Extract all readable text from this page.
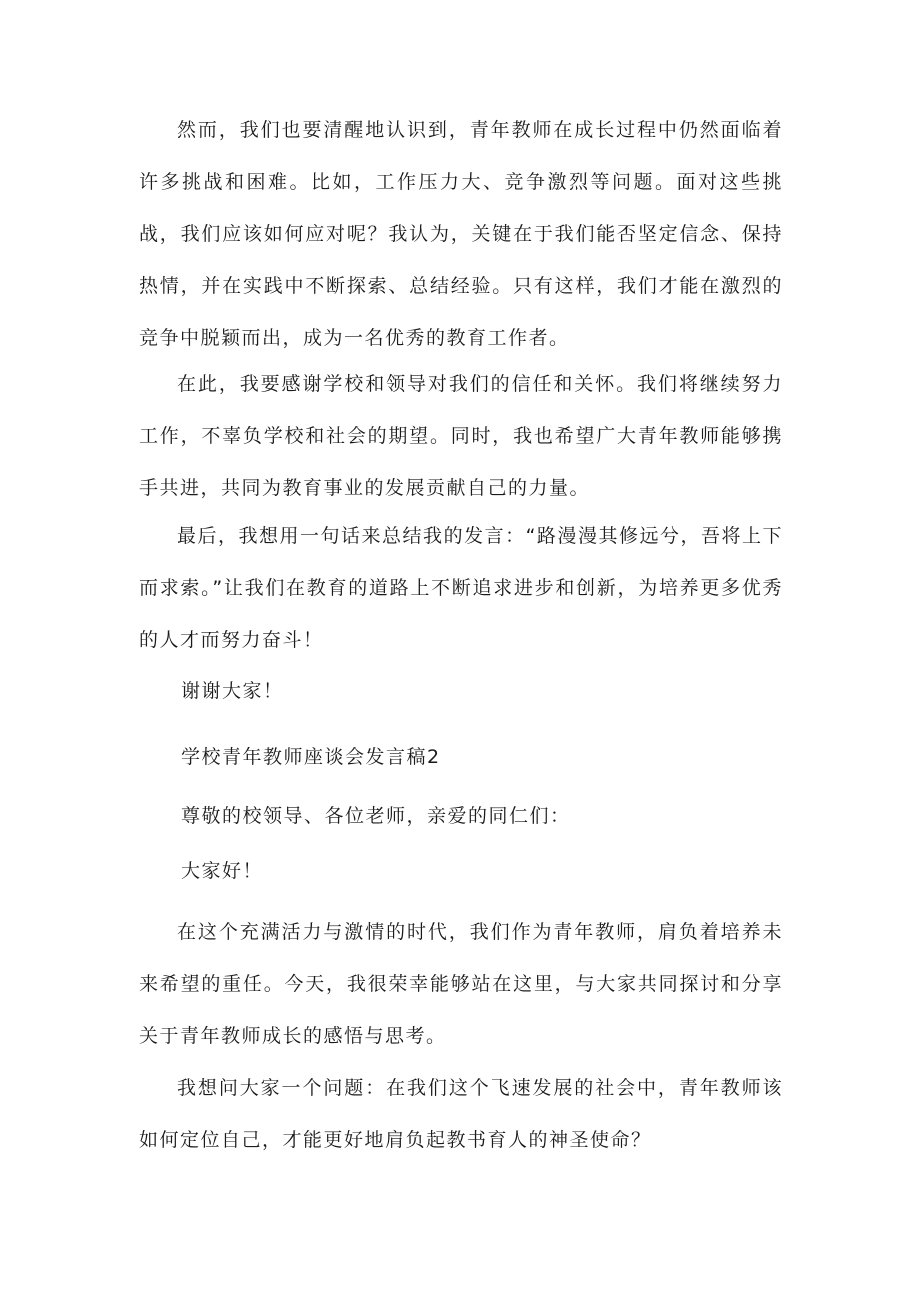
然而，我们也要清醒地认识到，青年教师在成长过程中仍然面临着许多挑战和困难。比如，工作压力大、竞争激烈等问题。面对这些挑战，我们应该如何应对呢？我认为，关键在于我们能否坚定信念、保持热情，并在实践中不断探索、总结经验。只有这样，我们才能在激烈的竞争中脱颖而出，成为一名优秀的教育工作者。

在此，我要感谢学校和领导对我们的信任和关怀。我们将继续努力工作，不辜负学校和社会的期望。同时，我也希望广大青年教师能够携手共进，共同为教育事业的发展贡献自己的力量。

最后，我想用一句话来总结我的发言：“路漫漫其修远兮，吾将上下而求索。”让我们在教育的道路上不断追求进步和创新，为培养更多优秀的人才而努力奋斗！

谢谢大家！

学校青年教师座谈会发言稿2

尊敬的校领导、各位老师，亲爱的同仁们：

大家好！

在这个充满活力与激情的时代，我们作为青年教师，肩负着培养未来希望的重任。今天，我很荣幸能够站在这里，与大家共同探讨和分享关于青年教师成长的感悟与思考。

我想问大家一个问题：在我们这个飞速发展的社会中，青年教师该如何定位自己，才能更好地肩负起教书育人的神圣使命？
